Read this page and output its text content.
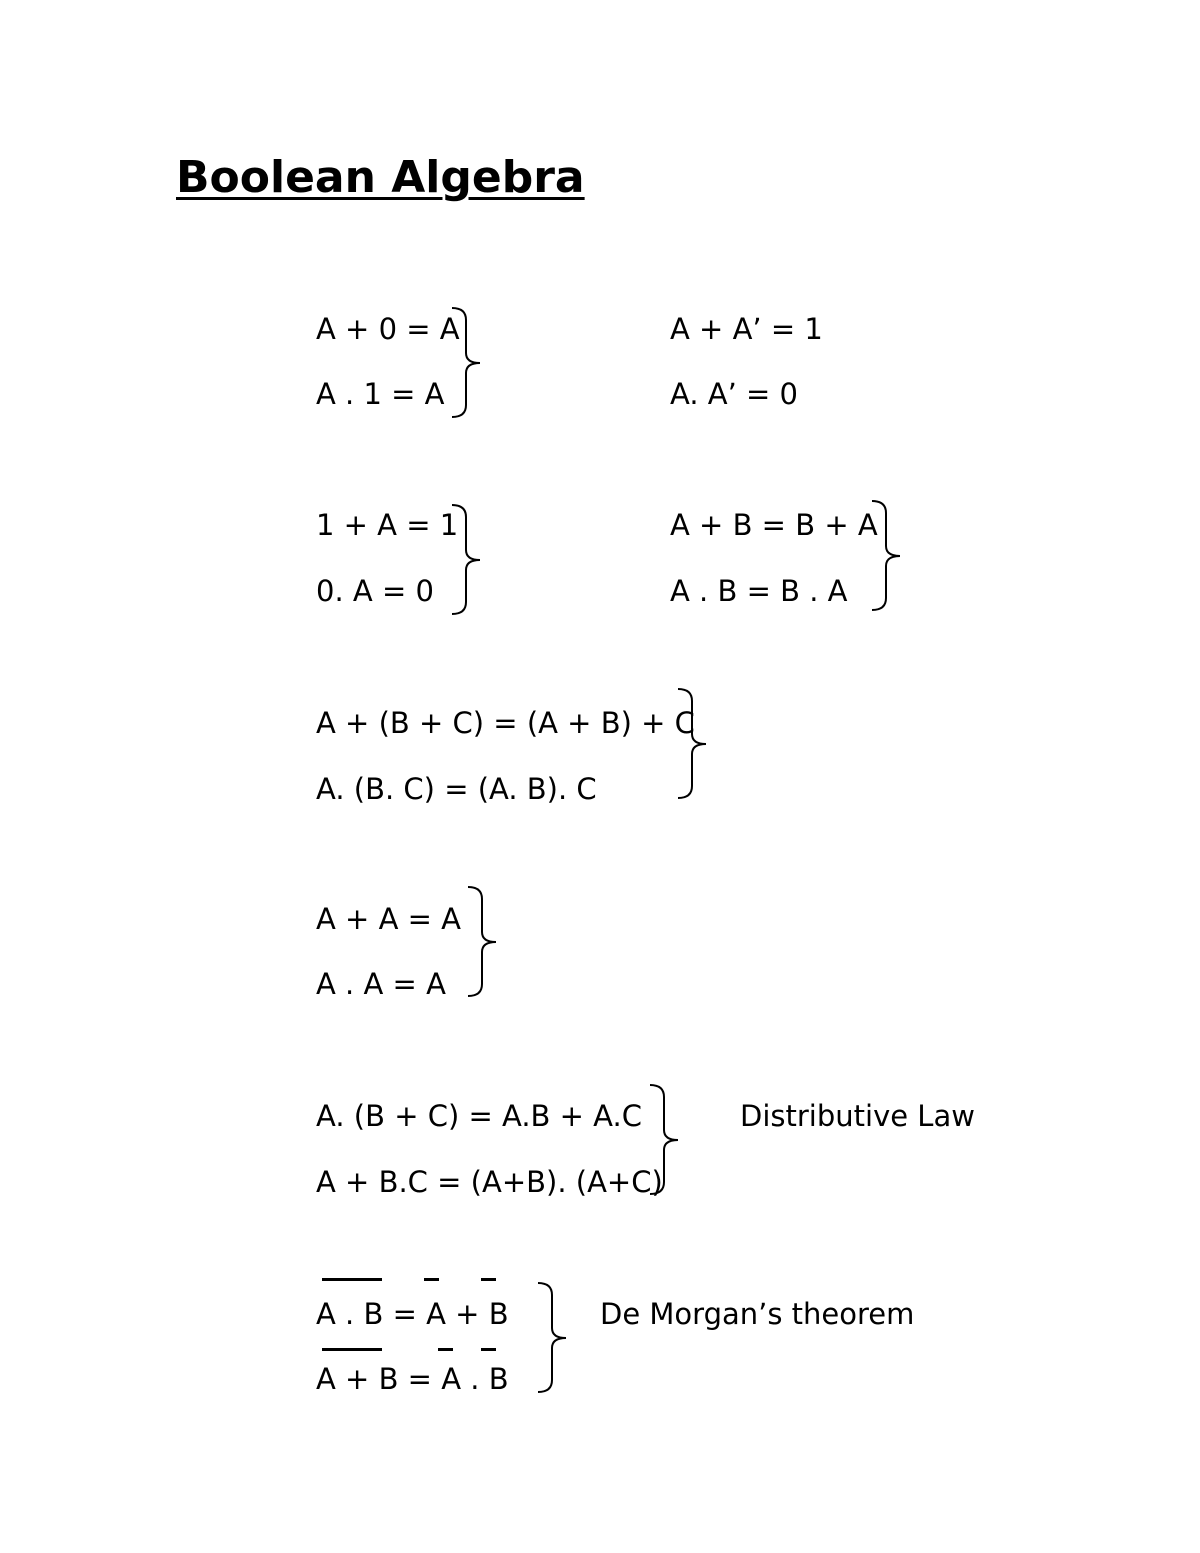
Boolean Algebra
A + 0 = A
A . 1 = A
A + A’ = 1
A. A’ = 0
1 + A = 1
0. A = 0
A + B = B + A
A . B = B . A
A + (B + C) = (A + B) + C
A. (B. C) = (A. B). C
A + A = A
A . A = A
A. (B + C) = A.B + A.C
A + B.C = (A+B). (A+C)
Distributive Law
A . B = A + B
A + B = A . B
De Morgan’s theorem
